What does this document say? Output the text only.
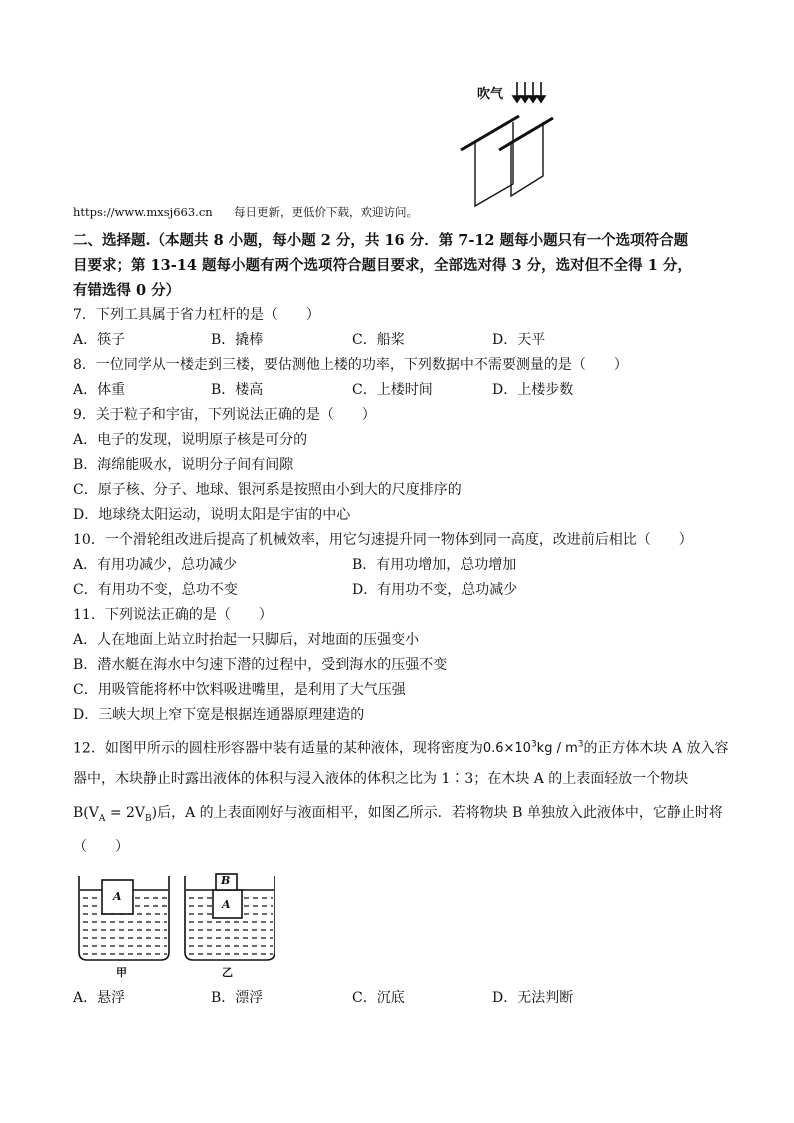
吹气
https://www.mxsj663.cn 每日更新，更低价下载，欢迎访问。
二、选择题.（本题共 8 小题，每小题 2 分，共 16 分．第 7-12 题每小题只有一个选项符合题
目要求；第 13-14 题每小题有两个选项符合题目要求，全部选对得 3 分，选对但不全得 1 分，
有错选得 0 分）
7．下列工具属于省力杠杆的是（　　）
A．筷子	B．撬棒	C．船桨	D．天平
8．一位同学从一楼走到三楼，要估测他上楼的功率，下列数据中不需要测量的是（　　）
A．体重	B．楼高	C．上楼时间	D．上楼步数
9．关于粒子和宇宙，下列说法正确的是（　　）
A．电子的发现，说明原子核是可分的
B．海绵能吸水，说明分子间有间隙
C．原子核、分子、地球、银河系是按照由小到大的尺度排序的
D．地球绕太阳运动，说明太阳是宇宙的中心
10．一个滑轮组改进后提高了机械效率，用它匀速提升同一物体到同一高度，改进前后相比（　　）
A．有用功减少，总功减少	B．有用功增加，总功增加
C．有用功不变，总功不变	D．有用功不变，总功减少
11．下列说法正确的是（　　）
A．人在地面上站立时抬起一只脚后，对地面的压强变小
B．潜水艇在海水中匀速下潜的过程中，受到海水的压强不变
C．用吸管能将杯中饮料吸进嘴里，是利用了大气压强
D．三峡大坝上窄下宽是根据连通器原理建造的
12．如图甲所示的圆柱形容器中装有适量的某种液体，现将密度为$0.6\times 10^3kg / m^3$的正方体木块 A 放入容
器中，木块静止时露出液体的体积与浸入液体的体积之比为 1∶3；在木块 A 的上表面轻放一个物块
$B(V_A = 2V_B)$后，A 的上表面刚好与液面相平，如图乙所示．若将物块 B 单独放入此液体中，它静止时将
（　　）
A
B
A
甲	乙
A．悬浮	B．漂浮	C．沉底	D．无法判断
